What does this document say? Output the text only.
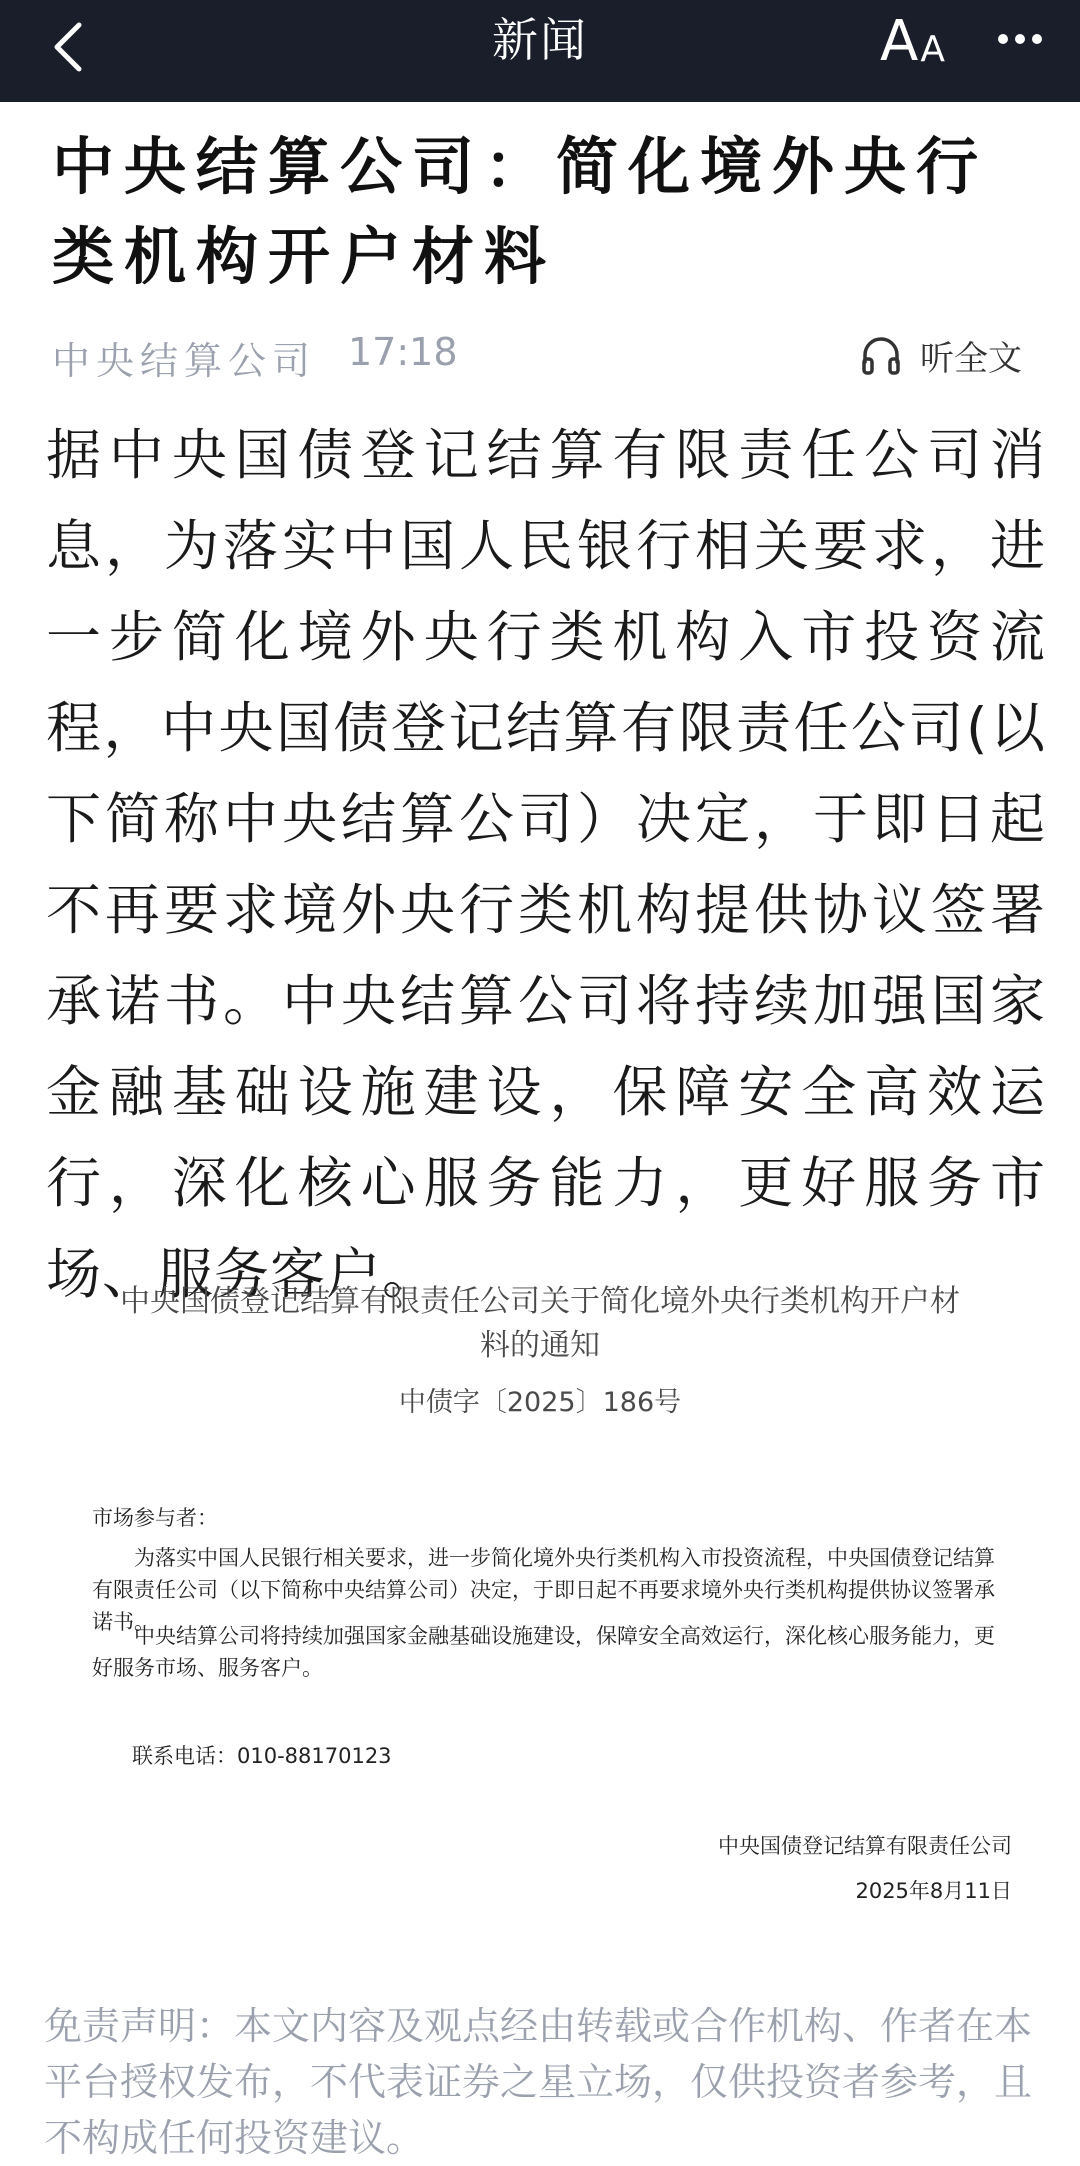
新闻	A A
中央结算公司：简化境外央行类机构开户材料
中央结算公司 17:18	听全文

据中央国债登记结算有限责任公司消息，为落实中国人民银行相关要求，进一步简化境外央行类机构入市投资流程，中央国债登记结算有限责任公司(以下简称中央结算公司）决定，于即日起不再要求境外央行类机构提供协议签署承诺书。中央结算公司将持续加强国家金融基础设施建设，保障安全高效运行，深化核心服务能力，更好服务市场、服务客户。

中央国债登记结算有限责任公司关于简化境外央行类机构开户材料的通知
中债字〔2025〕186号
市场参与者：

为落实中国人民银行相关要求，进一步简化境外央行类机构入市投资流程，中央国债登记结算有限责任公司（以下简称中央结算公司）决定，于即日起不再要求境外央行类机构提供协议签署承诺书。

中央结算公司将持续加强国家金融基础设施建设，保障安全高效运行，深化核心服务能力，更好服务市场、服务客户。

联系电话：010-88170123
中央国债登记结算有限责任公司
2025年8月11日

免责声明：本文内容及观点经由转载或合作机构、作者在本平台授权发布，不代表证券之星立场，仅供投资者参考，且不构成任何投资建议。
